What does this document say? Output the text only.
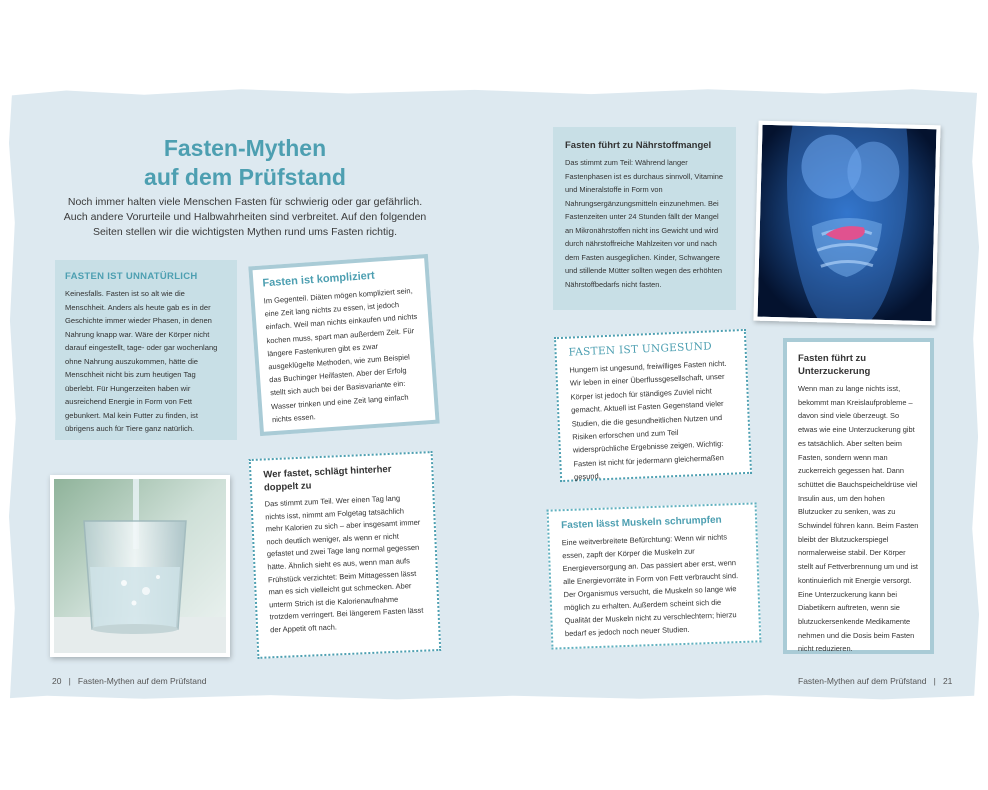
Fasten-Mythen
auf dem Prüfstand

Noch immer halten viele Menschen Fasten für schwierig oder gar gefährlich. Auch andere Vorurteile und Halbwahrheiten sind verbreitet. Auf den folgenden Seiten stellen wir die wichtigsten Mythen rund ums Fasten richtig.

FASTEN IST UNNATÜRLICH

Keinesfalls. Fasten ist so alt wie die Menschheit. Anders als heute gab es in der Geschichte immer wieder Phasen, in denen Nahrung knapp war. Wäre der Körper nicht darauf eingestellt, tage- oder gar wochenlang ohne Nahrung auszukommen, hätte die Menschheit nicht bis zum heutigen Tag überlebt. Für Hungerzeiten haben wir ausreichend Energie in Form von Fett gebunkert. Mal kein Futter zu finden, ist übrigens auch für Tiere ganz natürlich.

Fasten ist kompliziert

Im Gegenteil. Diäten mögen kompliziert sein, eine Zeit lang nichts zu essen, ist jedoch einfach. Weil man nichts einkaufen und nichts kochen muss, spart man außerdem Zeit. Für längere Fastenkuren gibt es zwar ausgeklügelte Methoden, wie zum Beispiel das Buchinger Heilfasten. Aber der Erfolg stellt sich auch bei der Basisvariante ein: Wasser trinken und eine Zeit lang einfach nichts essen.

Wer fastet, schlägt hinterher doppelt zu

Das stimmt zum Teil. Wer einen Tag lang nichts isst, nimmt am Folgetag tatsächlich mehr Kalorien zu sich – aber insgesamt immer noch deutlich weniger, als wenn er nicht gefastet und zwei Tage lang normal gegessen hätte. Ähnlich sieht es aus, wenn man aufs Frühstück verzichtet: Beim Mittagessen lässt man es sich vielleicht gut schmecken. Aber unterm Strich ist die Kalorienaufnahme trotzdem verringert. Bei längerem Fasten lässt der Appetit oft nach.

20 | Fasten-Mythen auf dem Prüfstand
Fasten führt zu Nährstoffmangel

Das stimmt zum Teil: Während langer Fastenphasen ist es durchaus sinnvoll, Vitamine und Mineralstoffe in Form von Nahrungsergänzungsmitteln einzunehmen. Bei Fastenzeiten unter 24 Stunden fällt der Mangel an Mikronährstoffen nicht ins Gewicht und wird durch nährstoffreiche Mahlzeiten vor und nach dem Fasten ausgeglichen. Kinder, Schwangere und stillende Mütter sollten wegen des erhöhten Nährstoffbedarfs nicht fasten.

FASTEN IST UNGESUND

Hungern ist ungesund, freiwilliges Fasten nicht. Wir leben in einer Überflussgesellschaft, unser Körper ist jedoch für ständiges Zuviel nicht gemacht. Aktuell ist Fasten Gegenstand vieler Studien, die die gesundheitlichen Nutzen und Risiken erforschen und zum Teil widersprüchliche Ergebnisse zeigen. Wichtig: Fasten ist nicht für jedermann gleichermaßen gesund.

Fasten lässt Muskeln schrumpfen

Eine weitverbreitete Befürchtung: Wenn wir nichts essen, zapft der Körper die Muskeln zur Energieversorgung an. Das passiert aber erst, wenn alle Energievorräte in Form von Fett verbraucht sind. Der Organismus versucht, die Muskeln so lange wie möglich zu erhalten. Außerdem scheint sich die Qualität der Muskeln nicht zu verschlechtern; hierzu bedarf es jedoch noch neuer Studien.

Fasten führt zu Unterzuckerung

Wenn man zu lange nichts isst, bekommt man Kreislaufprobleme – davon sind viele überzeugt. So etwas wie eine Unterzuckerung gibt es tatsächlich. Aber selten beim Fasten, sondern wenn man zuckerreich gegessen hat. Dann schüttet die Bauchspeicheldrüse viel Insulin aus, um den hohen Blutzucker zu senken, was zu Schwindel führen kann. Beim Fasten bleibt der Blutzuckerspiegel normalerweise stabil. Der Körper stellt auf Fettverbrennung um und ist kontinuierlich mit Energie versorgt. Eine Unterzuckerung kann bei Diabetikern auftreten, wenn sie blutzuckersenkende Medikamente nehmen und die Dosis beim Fasten nicht reduzieren.

Fasten-Mythen auf dem Prüfstand | 21
